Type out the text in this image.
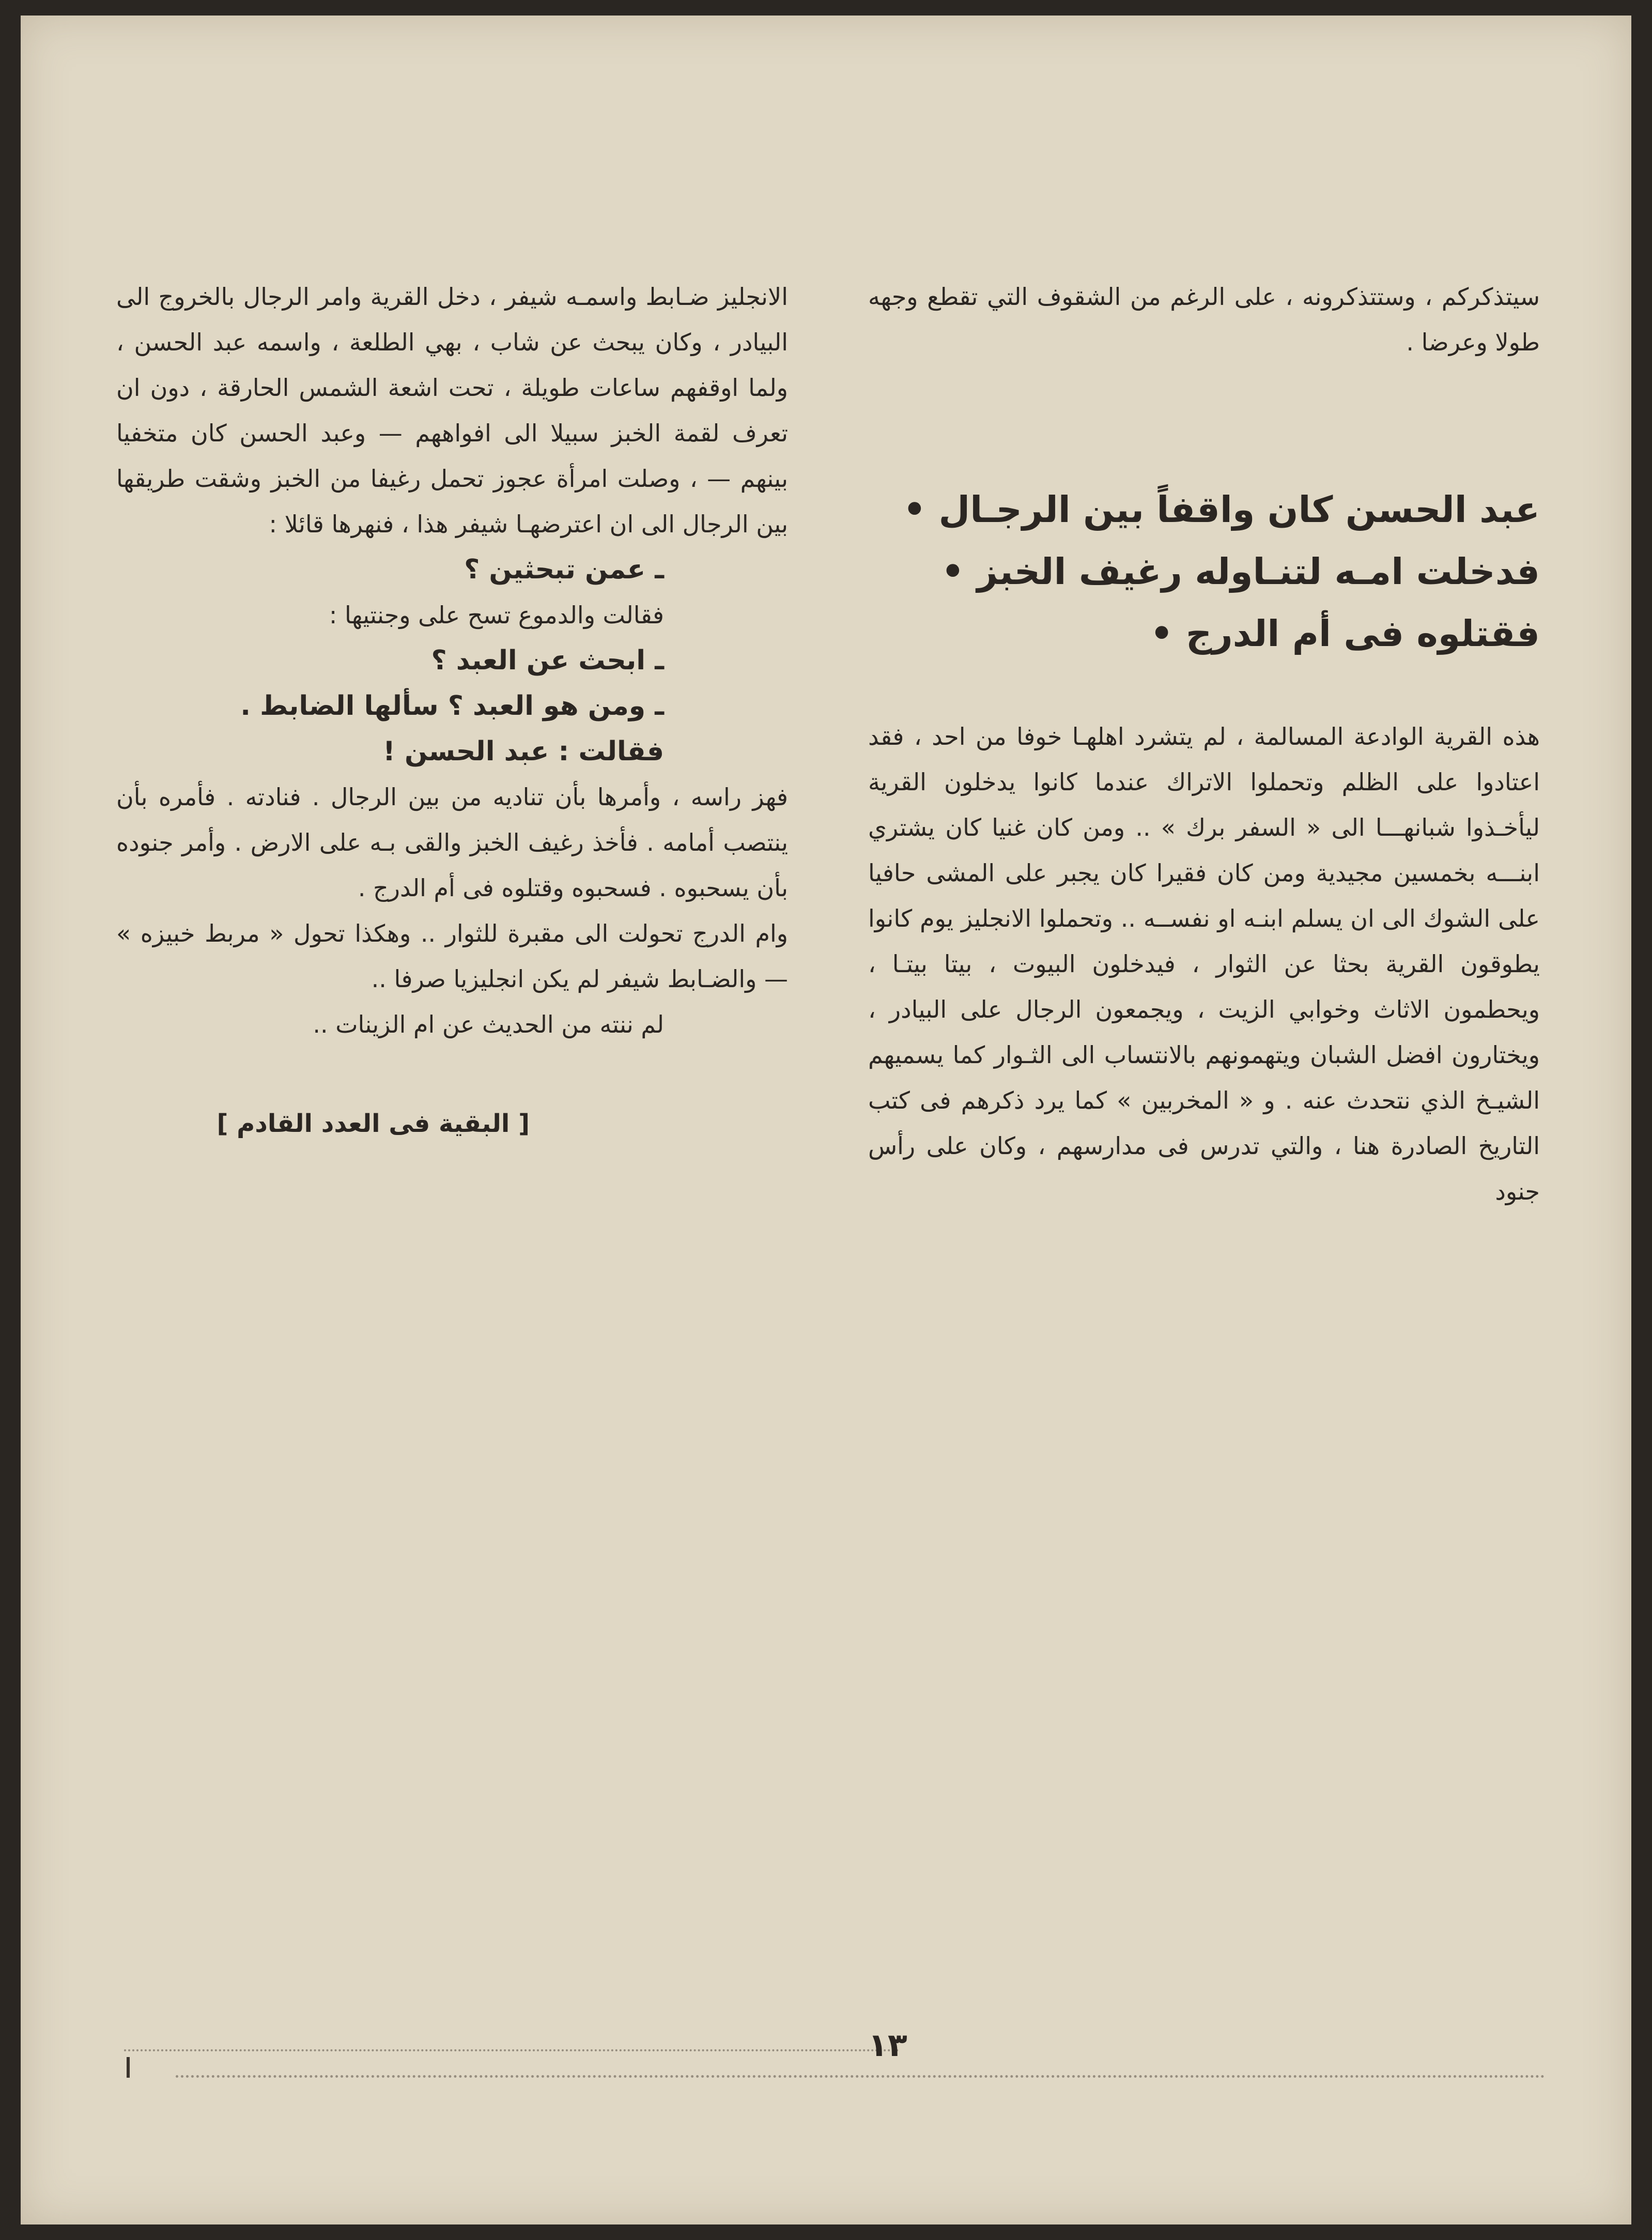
سيتذكركم ، وستتذكرونه ، على الرغم من الشقوف التي تقطع وجهه طولا وعرضا .

عبد الحسن كان واقفاً بين الرجـال • فدخلت امـه لتنـاوله رغيف الخبز • فقتلوه فى أم الدرج •

هذه القرية الوادعة المسالمة ، لم يتشرد اهلهـا خوفا من احد ، فقد اعتادوا على الظلم وتحملوا الاتراك عندما كانوا يدخلون القرية ليأخـذوا شبانهـــا الى « السفر برك » .. ومن كان غنيا كان يشتري ابنـــه بخمسين مجيدية ومن كان فقيرا كان يجبر على المشى حافيا على الشوك الى ان يسلم ابنـه او نفســه .. وتحملوا الانجليز يوم كانوا يطوقون القرية بحثا عن الثوار ، فيدخلون البيوت ، بيتا بيتـا ، ويحطمون الاثاث وخوابي الزيت ، ويجمعون الرجال على البيادر ، ويختارون افضل الشبان ويتهمونهم بالانتساب الى الثـوار كما يسميهم الشيـخ الذي نتحدث عنه . و « المخربين » كما يرد ذكرهم فى كتب التاريخ الصادرة هنا ، والتي تدرس فى مدارسهم ، وكان على رأس جنود

الانجليز ضـابط واسمـه شيفر ، دخل القرية وامر الرجال بالخروج الى البيادر ، وكان يبحث عن شاب ، بهي الطلعة ، واسمه عبد الحسن ، ولما اوقفهم ساعات طويلة ، تحت اشعة الشمس الحارقة ، دون ان تعرف لقمة الخبز سبيلا الى افواههم — وعبد الحسن كان متخفيا بينهم — ، وصلت امرأة عجوز تحمل رغيفا من الخبز وشقت طريقها بين الرجال الى ان اعترضهـا شيفر هذا ، فنهرها قائلا :

ـ عمن تبحثين ؟

فقالت والدموع تسح على وجنتيها :

ـ ابحث عن العبد ؟

ـ ومن هو العبد ؟ سألها الضابط .

فقالت : عبد الحسن !

فهز راسه ، وأمرها بأن تناديه من بين الرجال . فنادته . فأمره بأن ينتصب أمامه . فأخذ رغيف الخبز والقى بـه على الارض . وأمر جنوده بأن يسحبوه . فسحبوه وقتلوه فى أم الدرج .

وام الدرج تحولت الى مقبرة للثوار .. وهكذا تحول « مربط خبيزه » — والضـابط شيفر لم يكن انجليزيا صرفا ..

لم ننته من الحديث عن ام الزينات ..

[ البقية فى العدد القادم ]

١٣
